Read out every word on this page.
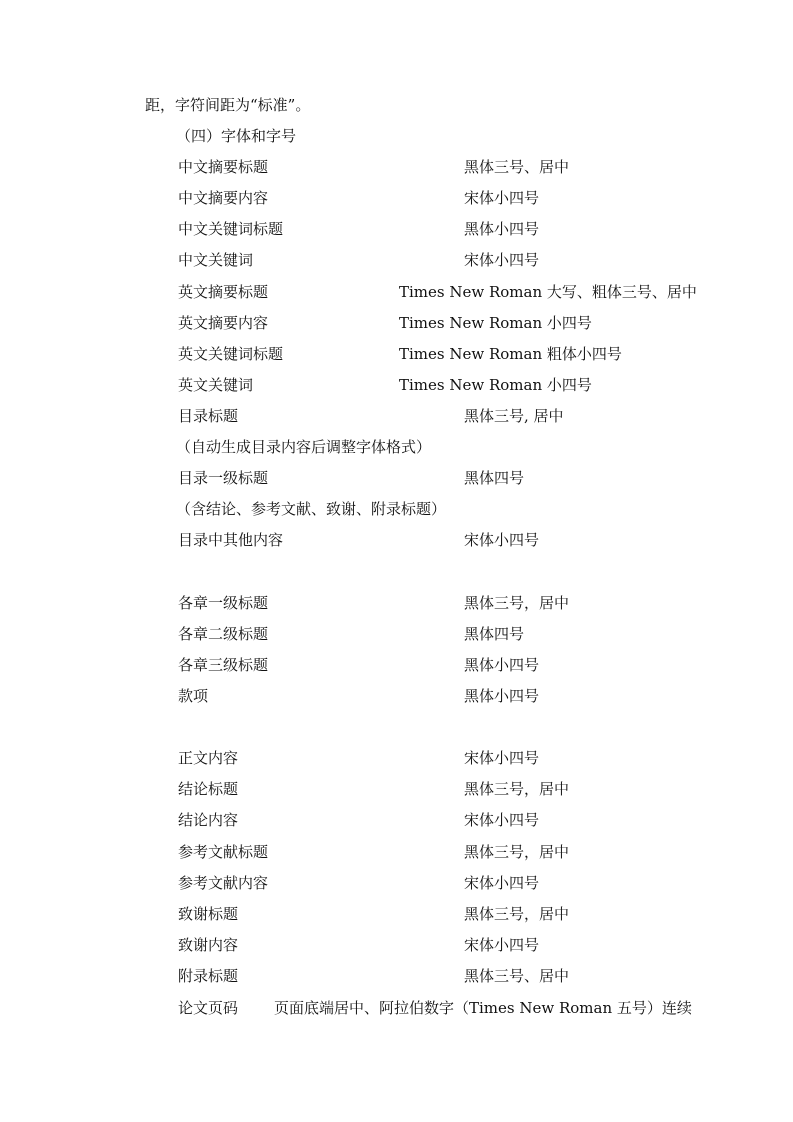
距，字符间距为“标准”。
（四）字体和字号
中文摘要标题	黑体三号、居中
中文摘要内容	宋体小四号
中文关键词标题	黑体小四号
中文关键词	宋体小四号
英文摘要标题	Times New Roman 大写、粗体三号、居中
英文摘要内容	Times New Roman 小四号
英文关键词标题	Times New Roman 粗体小四号
英文关键词	Times New Roman 小四号
目录标题	黑体三号, 居中
（自动生成目录内容后调整字体格式）
目录一级标题	黑体四号
（含结论、参考文献、致谢、附录标题）
目录中其他内容	宋体小四号
各章一级标题	黑体三号，居中
各章二级标题	黑体四号
各章三级标题	黑体小四号
款项	黑体小四号
正文内容	宋体小四号
结论标题	黑体三号，居中
结论内容	宋体小四号
参考文献标题	黑体三号，居中
参考文献内容	宋体小四号
致谢标题	黑体三号，居中
致谢内容	宋体小四号
附录标题	黑体三号、居中
论文页码 页面底端居中、阿拉伯数字（Times New Roman 五号）连续
